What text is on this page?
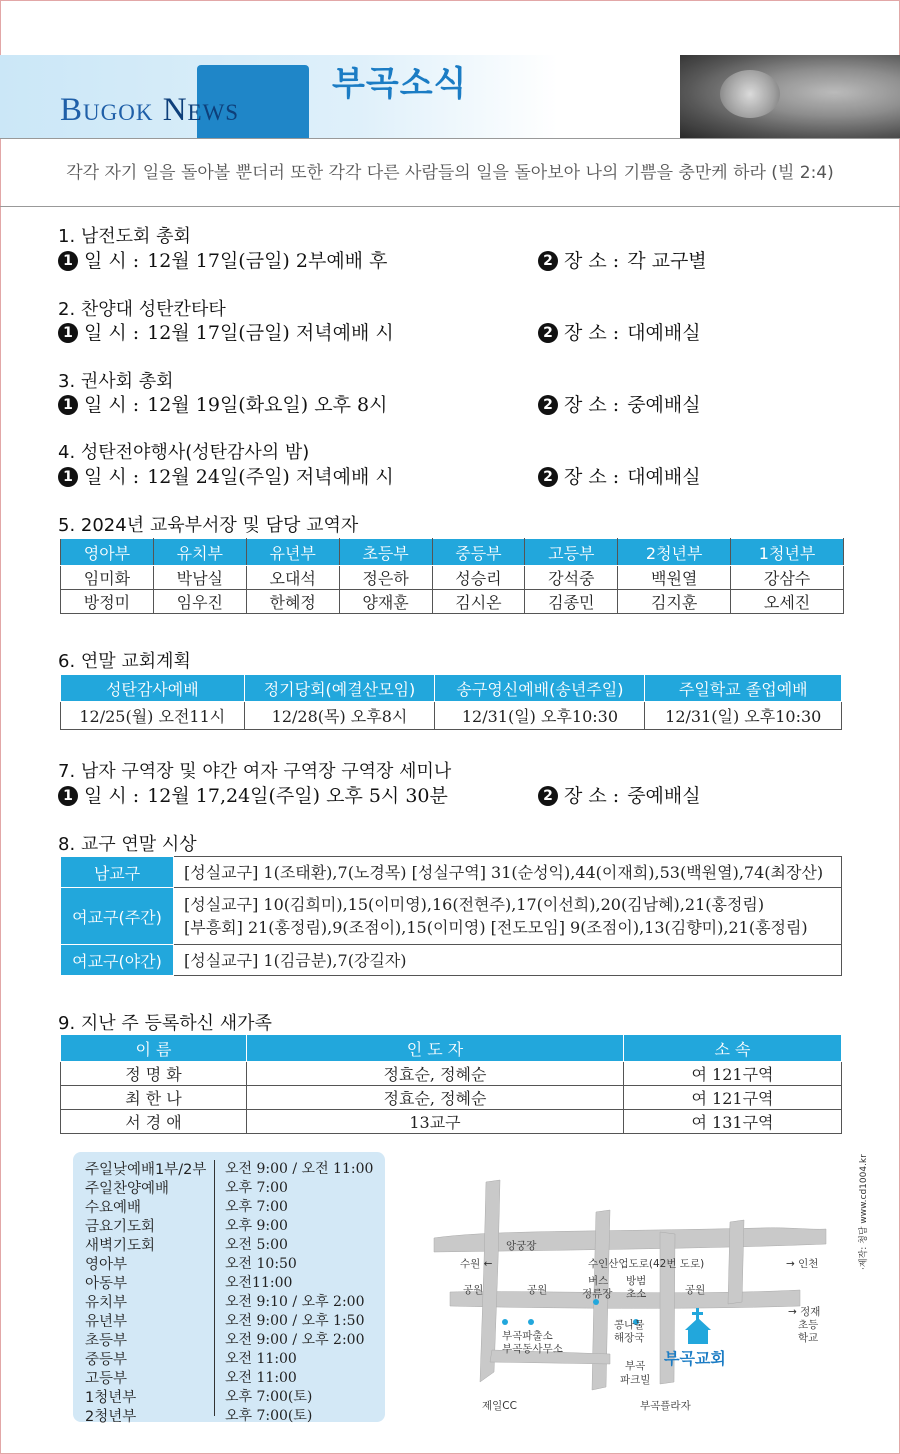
Bugok News
부곡소식
각각 자기 일을 돌아볼 뿐더러 또한 각각 다른 사람들의 일을 돌아보아 나의 기쁨을 충만케 하라 (빌 2:4)
1. 남전도회 총회
1 일 시 : 12월 17일(금일) 2부예배 후	2 장 소 : 각 교구별
2. 찬양대 성탄칸타타
1 일 시 : 12월 17일(금일) 저녁예배 시	2 장 소 : 대예배실
3. 권사회 총회
1 일 시 : 12월 19일(화요일) 오후 8시	2 장 소 : 중예배실
4. 성탄전야행사(성탄감사의 밤)
1 일 시 : 12월 24일(주일) 저녁예배 시	2 장 소 : 대예배실
5. 2024년 교육부서장 및 담당 교역자
영아부	유치부	유년부	초등부	중등부	고등부	2청년부	1청년부
임미화	박남실	오대석	정은하	성승리	강석중	백원열	강삼수
방정미	임우진	한혜정	양재훈	김시온	김종민	김지훈	오세진
6. 연말 교회계획
성탄감사예배	정기당회(예결산모임)	송구영신예배(송년주일)	주일학교 졸업예배
12/25(월) 오전11시	12/28(목) 오후8시	12/31(일) 오후10:30	12/31(일) 오후10:30
7. 남자 구역장 및 야간 여자 구역장 구역장 세미나
1 일 시 : 12월 17,24일(주일) 오후 5시 30분	2 장 소 : 중예배실
8. 교구 연말 시상
남교구	[성실교구] 1(조태환),7(노경목) [성실구역] 31(순성익),44(이재희),53(백원열),74(최장산)
여교구(주간)	[성실교구] 10(김희미),15(이미영),16(전현주),17(이선희),20(김남혜),21(홍정림)
[부흥회] 21(홍정림),9(조점이),15(이미영) [전도모임] 9(조점이),13(김향미),21(홍정림)

여교구(야간)	[성실교구] 1(김금분),7(강길자)
9. 지난 주 등록하신 새가족
이 름	인 도 자	소 속
정 명 화	정효순, 정혜순	여 121구역
최 한 나	정효순, 정혜순	여 121구역
서 경 애	13교구	여 131구역
주일낮예배1부/2부	오전 9:00 / 오전 11:00
주일찬양예배	오후 7:00
수요예배	오후 7:00
금요기도회	오후 9:00
새벽기도회	오전 5:00
영아부	오전 10:50
아동부	오전11:00
유치부	오전 9:10 / 오후 2:00
유년부	오전 9:00 / 오후 1:50
초등부	오전 9:00 / 오후 2:00
중등부	오전 11:00
고등부	오전 11:00
1청년부	오후 7:00(토)
2청년부	오후 7:00(토)
앙궁장
수원 ←	수인산업도로(42번 도로)	→ 인천
공원	공원	공원
버스
정류장
방범
초소
→ 정재
초등
학교
부곡파출소
부곡동사무소
콩나물
해장국
부곡교회
부곡
파크빌
제일CC	부곡플라자
·제작: 청담 www.cd1004.kr
